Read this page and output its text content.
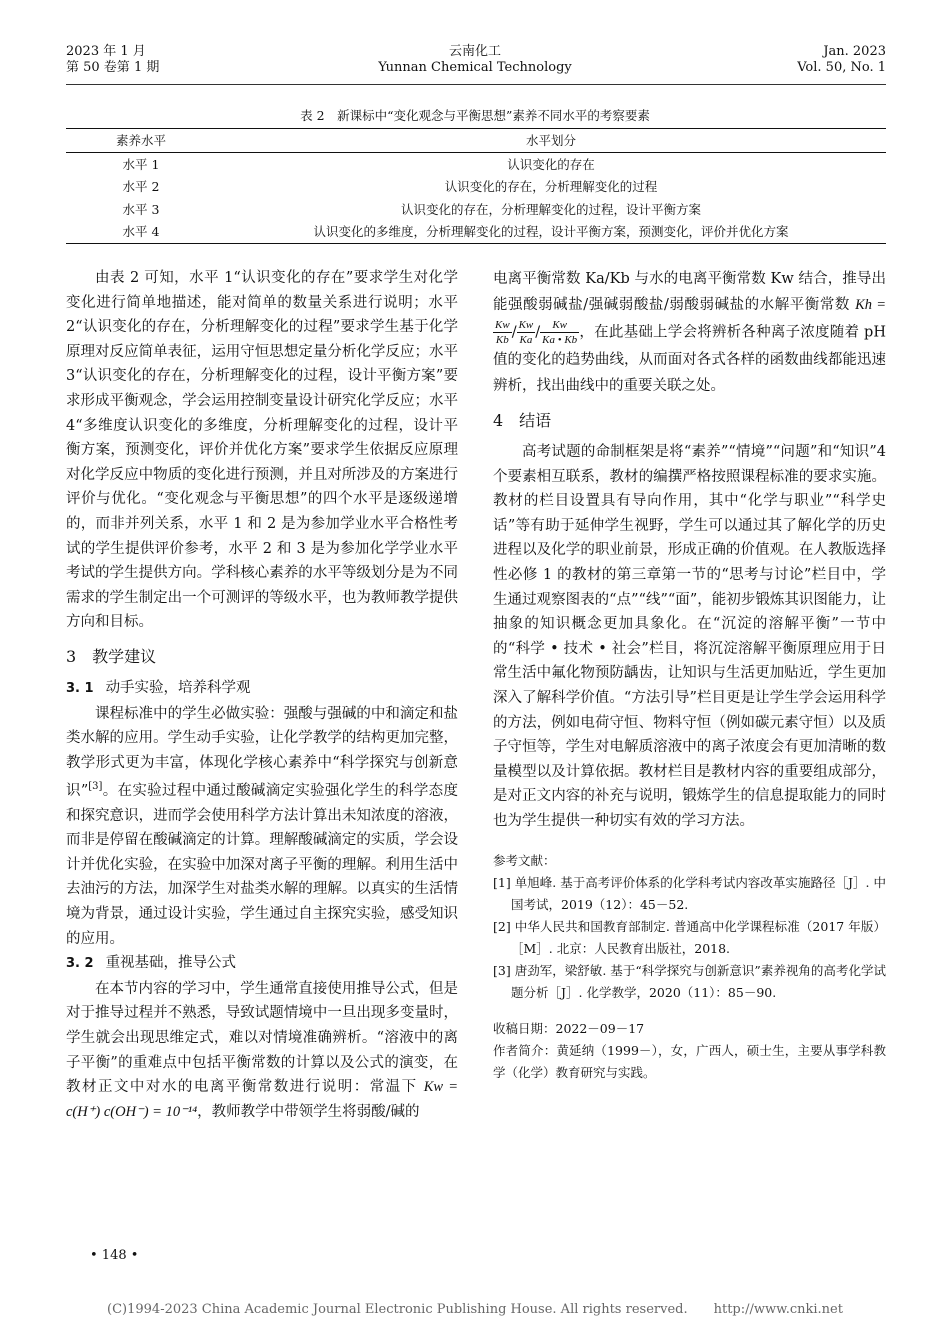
2023 年 1 月
第 50 卷第 1 期
云南化工
Yunnan Chemical Technology
Jan. 2023
Vol. 50, No. 1
表 2　新课标中“变化观念与平衡思想”素养不同水平的考察要素
素养水平	水平划分
水平 1	认识变化的存在
水平 2	认识变化的存在，分析理解变化的过程
水平 3	认识变化的存在，分析理解变化的过程，设计平衡方案
水平 4	认识变化的多维度，分析理解变化的过程，设计平衡方案，预测变化，评价并优化方案

由表 2 可知，水平 1“认识变化的存在”要求学生对化学变化进行简单地描述，能对简单的数量关系进行说明；水平 2“认识变化的存在，分析理解变化的过程”要求学生基于化学原理对反应简单表征，运用守恒思想定量分析化学反应；水平 3“认识变化的存在，分析理解变化的过程，设计平衡方案”要求形成平衡观念，学会运用控制变量设计研究化学反应；水平 4“多维度认识变化的多维度，分析理解变化的过程，设计平衡方案，预测变化，评价并优化方案”要求学生依据反应原理对化学反应中物质的变化进行预测，并且对所涉及的方案进行评价与优化。“变化观念与平衡思想”的四个水平是逐级递增的，而非并列关系，水平 1 和 2 是为参加学业水平合格性考试的学生提供评价参考，水平 2 和 3 是为参加化学学业水平考试的学生提供方向。学科核心素养的水平等级划分是为不同需求的学生制定出一个可测评的等级水平，也为教师教学提供方向和目标。

3　教学建议

3. 1 动手实验，培养科学观

课程标准中的学生必做实验：强酸与强碱的中和滴定和盐类水解的应用。学生动手实验，让化学教学的结构更加完整，教学形式更为丰富，体现化学核心素养中“科学探究与创新意识”[3]。在实验过程中通过酸碱滴定实验强化学生的科学态度和探究意识，进而学会使用科学方法计算出未知浓度的溶液，而非是停留在酸碱滴定的计算。理解酸碱滴定的实质，学会设计并优化实验，在实验中加深对离子平衡的理解。利用生活中去油污的方法，加深学生对盐类水解的理解。以真实的生活情境为背景，通过设计实验，学生通过自主探究实验，感受知识的应用。

3. 2 重视基础，推导公式

在本节内容的学习中，学生通常直接使用推导公式，但是对于推导过程并不熟悉，导致试题情境中一旦出现多变量时，学生就会出现思维定式，难以对情境准确辨析。“溶液中的离子平衡”的重难点中包括平衡常数的计算以及公式的演变，在教材正文中对水的电离平衡常数进行说明：常温下 Kw = c(H⁺) c(OH⁻) = 10⁻¹⁴，教师教学中带领学生将弱酸/碱的

电离平衡常数 Ka/Kb 与水的电离平衡常数 Kw 结合，推导出能强酸弱碱盐/强碱弱酸盐/弱酸弱碱盐的水解平衡常数 Kh =
$\frac{Kw}{Kb} / \frac{Kw}{Ka} / \frac{Kw}{Ka • Kb}$ ，在此基础上学会将辨析各种离子浓度随着 pH 值的变化的趋势曲线，从而面对各式各样的函数曲线都能迅速辨析，找出曲线中的重要关联之处。

4　结语

高考试题的命制框架是将“素养”“情境”“问题”和“知识”4 个要素相互联系，教材的编撰严格按照课程标准的要求实施。教材的栏目设置具有导向作用，其中“化学与职业”“科学史话”等有助于延伸学生视野，学生可以通过其了解化学的历史进程以及化学的职业前景，形成正确的价值观。在人教版选择性必修 1 的教材的第三章第一节的“思考与讨论”栏目中，学生通过观察图表的“点”“线”“面”，能初步锻炼其识图能力，让抽象的知识概念更加具象化。在“沉淀的溶解平衡”一节中的“科学 • 技术 • 社会”栏目，将沉淀溶解平衡原理应用于日常生活中氟化物预防龋齿，让知识与生活更加贴近，学生更加深入了解科学价值。“方法引导”栏目更是让学生学会运用科学的方法，例如电荷守恒、物料守恒（例如碳元素守恒）以及质子守恒等，学生对电解质溶液中的离子浓度会有更加清晰的数量模型以及计算依据。教材栏目是教材内容的重要组成部分，是对正文内容的补充与说明，锻炼学生的信息提取能力的同时也为学生提供一种切实有效的学习方法。

参考文献：
[1] 单旭峰. 基于高考评价体系的化学科考试内容改革实施路径［J］. 中国考试，2019（12）：45－52.
[2] 中华人民共和国教育部制定. 普通高中化学课程标准（2017 年版）［M］. 北京：人民教育出版社，2018.
[3] 唐劲军，梁舒敏. 基于“科学探究与创新意识”素养视角的高考化学试题分析［J］. 化学教学，2020（11）：85－90.
收稿日期：2022－09－17
作者简介：黄延纳（1999－），女，广西人，硕士生，主要从事学科教学（化学）教育研究与实践。
• 148 •
(C)1994-2023 China Academic Journal Electronic Publishing House. All rights reserved.　　http://www.cnki.net
